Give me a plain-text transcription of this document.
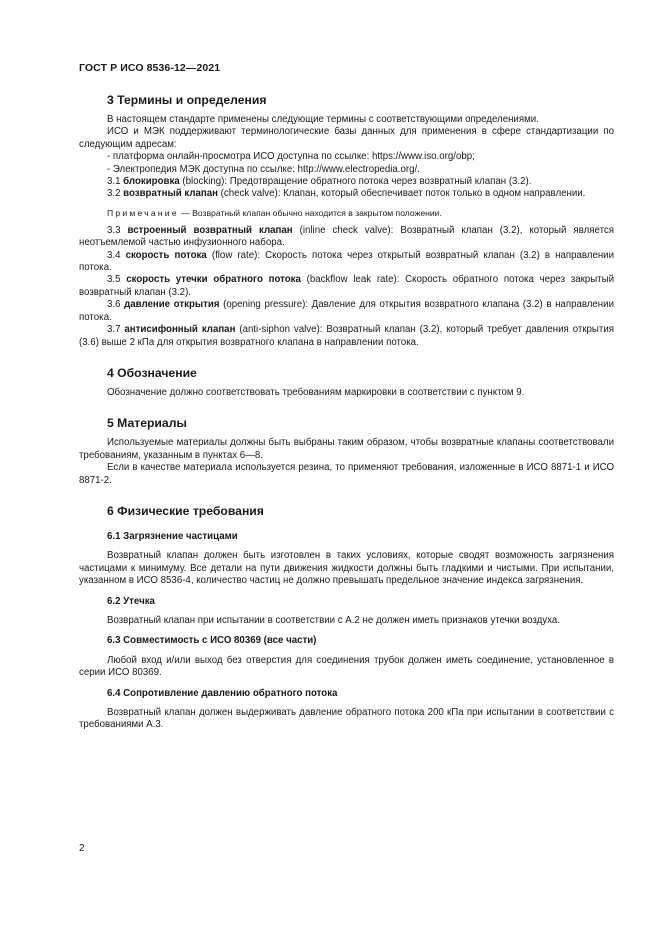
ГОСТ Р ИСО 8536-12—2021
3 Термины и определения

В настоящем стандарте применены следующие термины с соответствующими определениями.

ИСО и МЭК поддерживают терминологические базы данных для применения в сфере стандартизации по следующим адресам:

- платформа онлайн-просмотра ИСО доступна по ссылке: https://www.iso.org/obp;

- Электропедия МЭК доступна по ссылке: http://www.electropedia.org/.

3.1 блокировка (blocking): Предотвращение обратного потока через возвратный клапан (3.2).

3.2 возвратный клапан (check valve): Клапан, который обеспечивает поток только в одном направлении.

Примечание — Возвратный клапан обычно находится в закрытом положении.

3.3 встроенный возвратный клапан (inline check valve): Возвратный клапан (3.2), который является неотъемлемой частью инфузионного набора.

3.4 скорость потока (flow rate): Скорость потока через открытый возвратный клапан (3.2) в направлении потока.

3.5 скорость утечки обратного потока (backflow leak rate): Скорость обратного потока через закрытый возвратный клапан (3.2).

3.6 давление открытия (opening pressure): Давление для открытия возвратного клапана (3.2) в направлении потока.

3.7 антисифонный клапан (anti-siphon valve): Возвратный клапан (3.2), который требует давления открытия (3.6) выше 2 кПа для открытия возвратного клапана в направлении потока.

4 Обозначение

Обозначение должно соответствовать требованиям маркировки в соответствии с пунктом 9.

5 Материалы

Используемые материалы должны быть выбраны таким образом, чтобы возвратные клапаны соответствовали требованиям, указанным в пунктах 6—8.

Если в качестве материала используется резина, то применяют требования, изложенные в ИСО 8871-1 и ИСО 8871-2.

6 Физические требования
6.1 Загрязнение частицами

Возвратный клапан должен быть изготовлен в таких условиях, которые сводят возможность загрязнения частицами к минимуму. Все детали на пути движения жидкости должны быть гладкими и чистыми. При испытании, указанном в ИСО 8536-4, количество частиц не должно превышать предельное значение индекса загрязнения.

6.2 Утечка

Возвратный клапан при испытании в соответствии с А.2 не должен иметь признаков утечки воздуха.

6.3 Совместимость с ИСО 80369 (все части)

Любой вход и/или выход без отверстия для соединения трубок должен иметь соединение, установленное в серии ИСО 80369.

6.4 Сопротивление давлению обратного потока

Возвратный клапан должен выдерживать давление обратного потока 200 кПа при испытании в соответствии с требованиями А.3.

2
